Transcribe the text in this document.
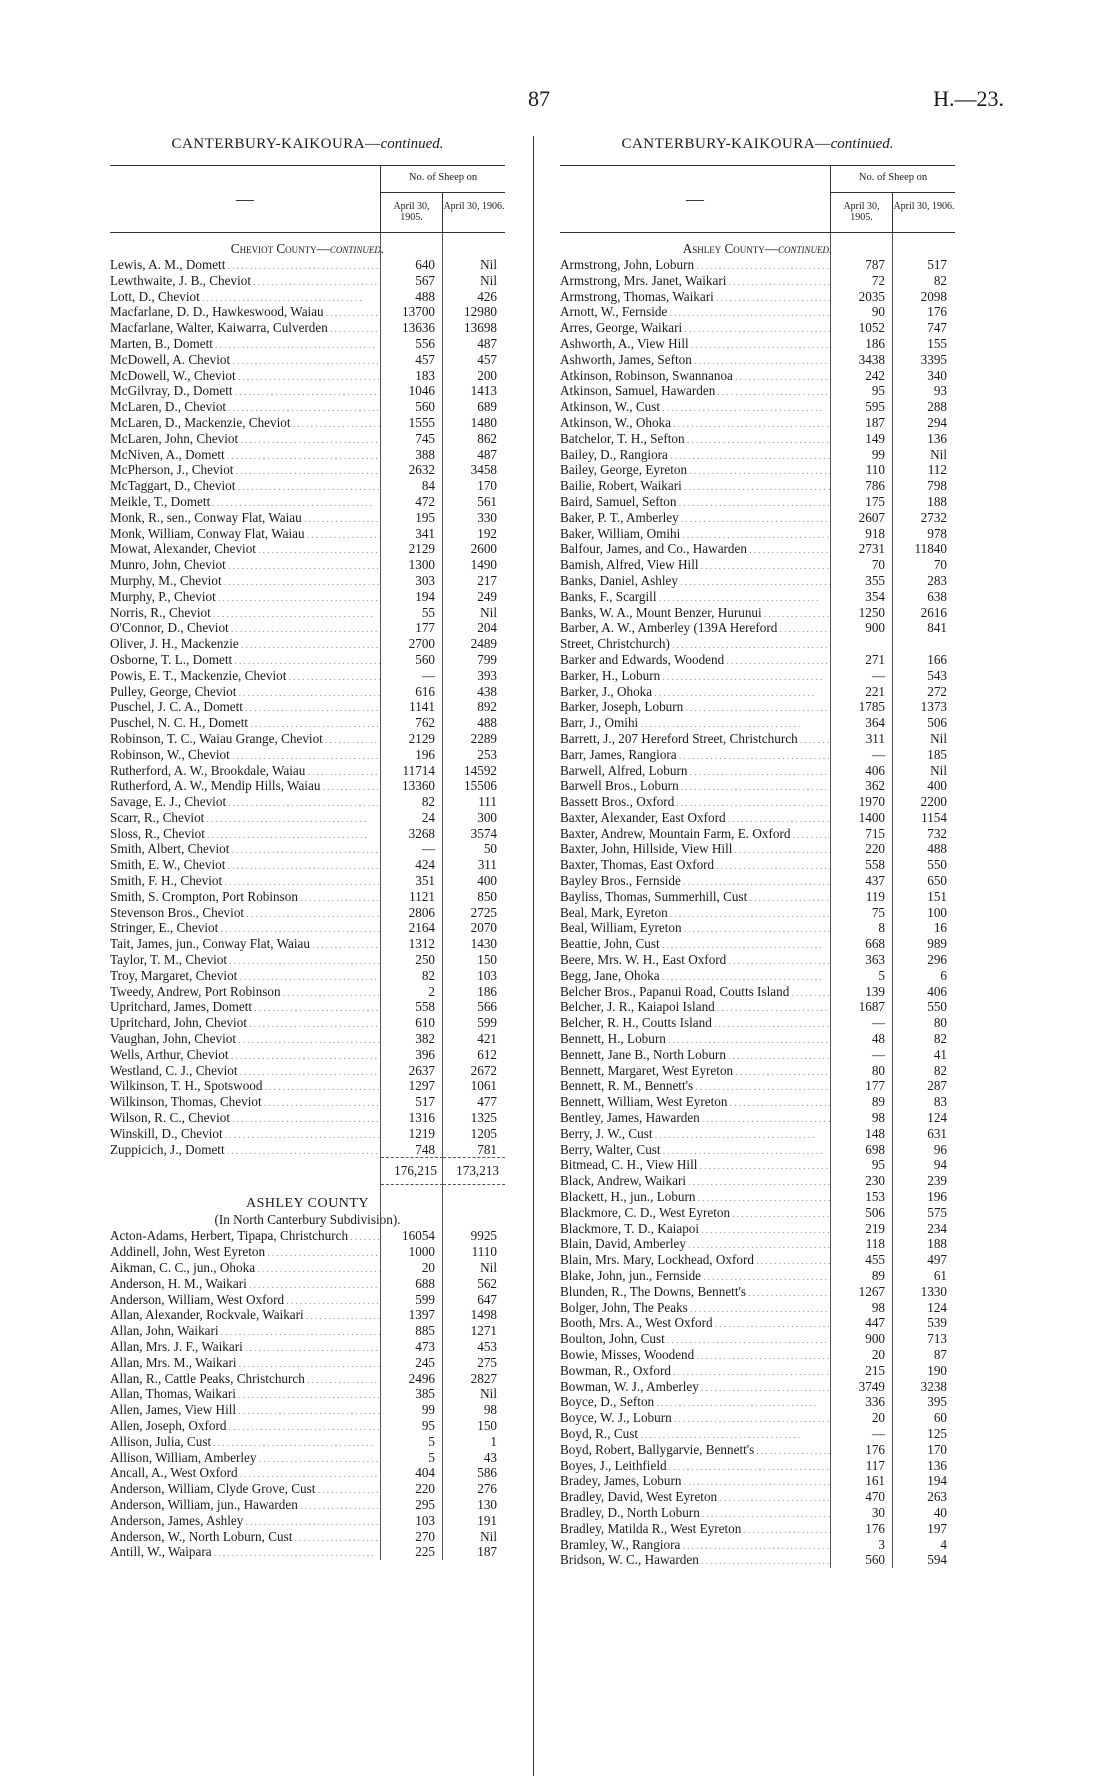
87	H.—23.
CANTERBURY-KAIKOURA—continued.
—
No. of Sheep on
April 30, 1905.
April 30, 1906.
Cheviot County—continued.
Lewis, A. M., Domett . . .	640	Nil
Lewthwaite, J. B., Cheviot . . .	567	Nil
Lott, D., Cheviot . . .	488	426
Macfarlane, D. D., Hawkeswood, Waiau . . .	13700	12980
Macfarlane, Walter, Kaiwarra, Culverden . . .	13636	13698
Marten, B., Domett . . .	556	487
McDowell, A. Cheviot . . .	457	457
McDowell, W., Cheviot . . .	183	200
McGilvray, D., Domett . . .	1046	1413
McLaren, D., Cheviot . . .	560	689
McLaren, D., Mackenzie, Cheviot . . .	1555	1480
McLaren, John, Cheviot . . .	745	862
McNiven, A., Domett . . .	388	487
McPherson, J., Cheviot . . .	2632	3458
McTaggart, D., Cheviot . . .	84	170
Meikle, T., Domett . . .	472	561
Monk, R., sen., Conway Flat, Waiau . . .	195	330
Monk, William, Conway Flat, Waiau . . .	341	192
Mowat, Alexander, Cheviot . . .	2129	2600
Munro, John, Cheviot . . .	1300	1490
Murphy, M., Cheviot . . .	303	217
Murphy, P., Cheviot . . .	194	249
Norris, R., Cheviot . . .	55	Nil
O'Connor, D., Cheviot . . .	177	204
Oliver, J. H., Mackenzie . . .	2700	2489
Osborne, T. L., Domett . . .	560	799
Powis, E. T., Mackenzie, Cheviot . . .	—	393
Pulley, George, Cheviot . . .	616	438
Puschel, J. C. A., Domett . . .	1141	892
Puschel, N. C. H., Domett . . .	762	488
Robinson, T. C., Waiau Grange, Cheviot . . .	2129	2289
Robinson, W., Cheviot . . .	196	253
Rutherford, A. W., Brookdale, Waiau . . .	11714	14592
Rutherford, A. W., Mendip Hills, Waiau . . .	13360	15506
Savage, E. J., Cheviot . . .	82	111
Scarr, R., Cheviot . . .	24	300
Sloss, R., Cheviot . . .	3268	3574
Smith, Albert, Cheviot . . .	—	50
Smith, E. W., Cheviot . . .	424	311
Smith, F. H., Cheviot . . .	351	400
Smith, S. Crompton, Port Robinson . . .	1121	850
Stevenson Bros., Cheviot . . .	2806	2725
Stringer, E., Cheviot . . .	2164	2070
Tait, James, jun., Conway Flat, Waiau . . .	1312	1430
Taylor, T. M., Cheviot . . .	250	150
Troy, Margaret, Cheviot . . .	82	103
Tweedy, Andrew, Port Robinson . . .	2	186
Upritchard, James, Domett . . .	558	566
Upritchard, John, Cheviot . . .	610	599
Vaughan, John, Cheviot . . .	382	421
Wells, Arthur, Cheviot . . .	396	612
Westland, C. J., Cheviot . . .	2637	2672
Wilkinson, T. H., Spotswood . . .	1297	1061
Wilkinson, Thomas, Cheviot . . .	517	477
Wilson, R. C., Cheviot . . .	1316	1325
Winskill, D., Cheviot . . .	1219	1205
Zuppicich, J., Domett . . .	748	781
176,215	173,213
ASHLEY COUNTY
(In North Canterbury Subdivision).
Acton-Adams, Herbert, Tipapa, Christchurch . . .	16054	9925
Addinell, John, West Eyreton . . .	1000	1110
Aikman, C. C., jun., Ohoka . . .	20	Nil
Anderson, H. M., Waikari . . .	688	562
Anderson, William, West Oxford . . .	599	647
Allan, Alexander, Rockvale, Waikari . . .	1397	1498
Allan, John, Waikari . . .	885	1271
Allan, Mrs. J. F., Waikari . . .	473	453
Allan, Mrs. M., Waikari . . .	245	275
Allan, R., Cattle Peaks, Christchurch . . .	2496	2827
Allan, Thomas, Waikari . . .	385	Nil
Allen, James, View Hill . . .	99	98
Allen, Joseph, Oxford . . .	95	150
Allison, Julia, Cust . . .	5	1
Allison, William, Amberley . . .	5	43
Ancall, A., West Oxford . . .	404	586
Anderson, William, Clyde Grove, Cust . . .	220	276
Anderson, William, jun., Hawarden . . .	295	130
Anderson, James, Ashley . . .	103	191
Anderson, W., North Loburn, Cust . . .	270	Nil
Antill, W., Waipara . . .	225	187
CANTERBURY-KAIKOURA—continued.
—
No. of Sheep on
April 30, 1905.
April 30, 1906.
Ashley County—continued.
Armstrong, John, Loburn . . .	787	517
Armstrong, Mrs. Janet, Waikari . . .	72	82
Armstrong, Thomas, Waikari . . .	2035	2098
Arnott, W., Fernside . . .	90	176
Arres, George, Waikari . . .	1052	747
Ashworth, A., View Hill . . .	186	155
Ashworth, James, Sefton . . .	3438	3395
Atkinson, Robinson, Swannanoa . . .	242	340
Atkinson, Samuel, Hawarden . . .	95	93
Atkinson, W., Cust . . .	595	288
Atkinson, W., Ohoka . . .	187	294
Batchelor, T. H., Sefton . . .	149	136
Bailey, D., Rangiora . . .	99	Nil
Bailey, George, Eyreton . . .	110	112
Bailie, Robert, Waikari . . .	786	798
Baird, Samuel, Sefton . . .	175	188
Baker, P. T., Amberley . . .	2607	2732
Baker, William, Omihi . . .	918	978
Balfour, James, and Co., Hawarden . . .	2731	11840
Bamish, Alfred, View Hill . . .	70	70
Banks, Daniel, Ashley . . .	355	283
Banks, F., Scargill . . .	354	638
Banks, W. A., Mount Benzer, Hurunui . . .	1250	2616
Barber, A. W., Amberley (139A Hereford . . .	900	841
Street, Christchurch) . . .
Barker and Edwards, Woodend . . .	271	166
Barker, H., Loburn . . .	—	543
Barker, J., Ohoka . . .	221	272
Barker, Joseph, Loburn . . .	1785	1373
Barr, J., Omihi . . .	364	506
Barrett, J., 207 Hereford Street, Christchurch . . .	311	Nil
Barr, James, Rangiora . . .	—	185
Barwell, Alfred, Loburn . . .	406	Nil
Barwell Bros., Loburn . . .	362	400
Bassett Bros., Oxford . . .	1970	2200
Baxter, Alexander, East Oxford . . .	1400	1154
Baxter, Andrew, Mountain Farm, E. Oxford . . .	715	732
Baxter, John, Hillside, View Hill . . .	220	488
Baxter, Thomas, East Oxford . . .	558	550
Bayley Bros., Fernside . . .	437	650
Bayliss, Thomas, Summerhill, Cust . . .	119	151
Beal, Mark, Eyreton . . .	75	100
Beal, William, Eyreton . . .	8	16
Beattie, John, Cust . . .	668	989
Beere, Mrs. W. H., East Oxford . . .	363	296
Begg, Jane, Ohoka . . .	5	6
Belcher Bros., Papanui Road, Coutts Island . . .	139	406
Belcher, J. R., Kaiapoi Island . . .	1687	550
Belcher, R. H., Coutts Island . . .	—	80
Bennett, H., Loburn . . .	48	82
Bennett, Jane B., North Loburn . . .	—	41
Bennett, Margaret, West Eyreton . . .	80	82
Bennett, R. M., Bennett's . . .	177	287
Bennett, William, West Eyreton . . .	89	83
Bentley, James, Hawarden . . .	98	124
Berry, J. W., Cust . . .	148	631
Berry, Walter, Cust . . .	698	96
Bitmead, C. H., View Hill . . .	95	94
Black, Andrew, Waikari . . .	230	239
Blackett, H., jun., Loburn . . .	153	196
Blackmore, C. D., West Eyreton . . .	506	575
Blackmore, T. D., Kaiapoi . . .	219	234
Blain, David, Amberley . . .	118	188
Blain, Mrs. Mary, Lockhead, Oxford . . .	455	497
Blake, John, jun., Fernside . . .	89	61
Blunden, R., The Downs, Bennett's . . .	1267	1330
Bolger, John, The Peaks . . .	98	124
Booth, Mrs. A., West Oxford . . .	447	539
Boulton, John, Cust . . .	900	713
Bowie, Misses, Woodend . . .	20	87
Bowman, R., Oxford . . .	215	190
Bowman, W. J., Amberley . . .	3749	3238
Boyce, D., Sefton . . .	336	395
Boyce, W. J., Loburn . . .	20	60
Boyd, R., Cust . . .	—	125
Boyd, Robert, Ballygarvie, Bennett's . . .	176	170
Boyes, J., Leithfield . . .	117	136
Bradey, James, Loburn . . .	161	194
Bradley, David, West Eyreton . . .	470	263
Bradley, D., North Loburn . . .	30	40
Bradley, Matilda R., West Eyreton . . .	176	197
Bramley, W., Rangiora . . .	3	4
Bridson, W. C., Hawarden . . .	560	594
